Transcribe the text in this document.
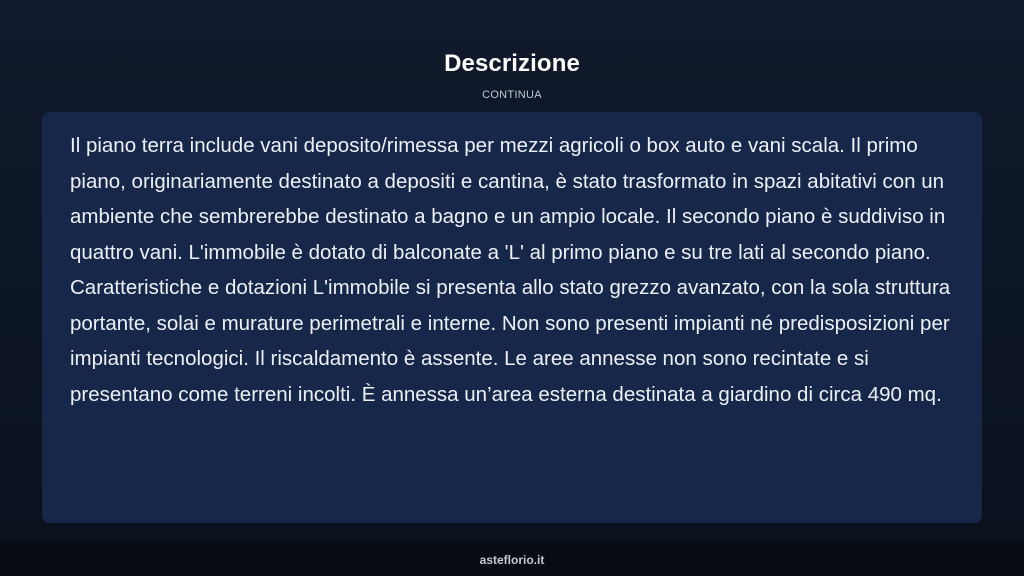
Descrizione
CONTINUA

Il piano terra include vani deposito/rimessa per mezzi agricoli o box auto e vani scala. Il primo piano, originariamente destinato a depositi e cantina, è stato trasformato in spazi abitativi con un ambiente che sembrerebbe destinato a bagno e un ampio locale. Il secondo piano è suddiviso in quattro vani. L'immobile è dotato di balconate a 'L' al primo piano e su tre lati al secondo piano. Caratteristiche e dotazioni L'immobile si presenta allo stato grezzo avanzato, con la sola struttura portante, solai e murature perimetrali e interne. Non sono presenti impianti né predisposizioni per impianti tecnologici. Il riscaldamento è assente. Le aree annesse non sono recintate e si presentano come terreni incolti. È annessa un’area esterna destinata a giardino di circa 490 mq.

asteflorio.it
